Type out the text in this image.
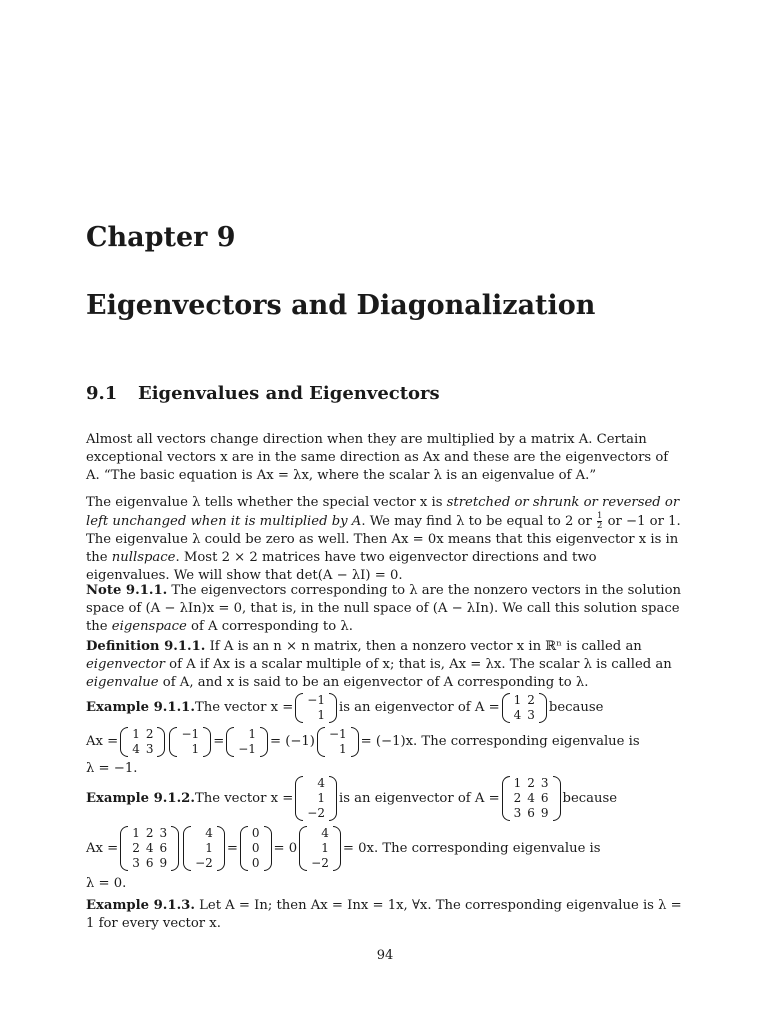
Chapter 9
Eigenvectors and Diagonalization
9.1 Eigenvalues and Eigenvectors

Almost all vectors change direction when they are multiplied by a matrix A. Certain exceptional vectors x are in the same direction as Ax and these are the eigenvectors of A. “The basic equation is Ax = λx, where the scalar λ is an eigenvalue of A.”

The eigenvalue λ tells whether the special vector x is stretched or shrunk or reversed or left unchanged when it is multiplied by A. We may find λ to be equal to 2 or $\frac{1}{2}$ or −1 or 1. The eigenvalue λ could be zero as well. Then Ax = 0x means that this eigenvector x is in the nullspace. Most 2 × 2 matrices have two eigenvector directions and two eigenvalues. We will show that det(A − λI) = 0.

Note 9.1.1. The eigenvectors corresponding to λ are the nonzero vectors in the solution space of (A − λIn)x = 0, that is, in the null space of (A − λIn). We call this solution space the eigenspace of A corresponding to λ.

Definition 9.1.1. If A is an n × n matrix, then a nonzero vector x in ℝⁿ is called an eigenvector of A if Ax is a scalar multiple of x; that is, Ax = λx. The scalar λ is called an eigenvalue of A, and x is said to be an eigenvector of A corresponding to λ.

Example 9.1.1. The vector x = −1
1 is an eigenvector of A = 1	2
4	3 because
Ax = 1	2
4	3
−1
1 = 1
−1 = (−1) −1
1 = (−1)x. The corresponding eigenvalue is
λ = −1.
Example 9.1.2. The vector x =
4
1
−2
is an eigenvector of A =
1	2	3
2	4	6
3	6	9
because
Ax =
1	2	3
2	4	6
3	6	9
4
1
−2
=
0
0
0
= 0
4
1
−2
= 0x. The corresponding eigenvalue is
λ = 0.

Example 9.1.3. Let A = In; then Ax = Inx = 1x, ∀x. The corresponding eigenvalue is λ = 1 for every vector x.

94
